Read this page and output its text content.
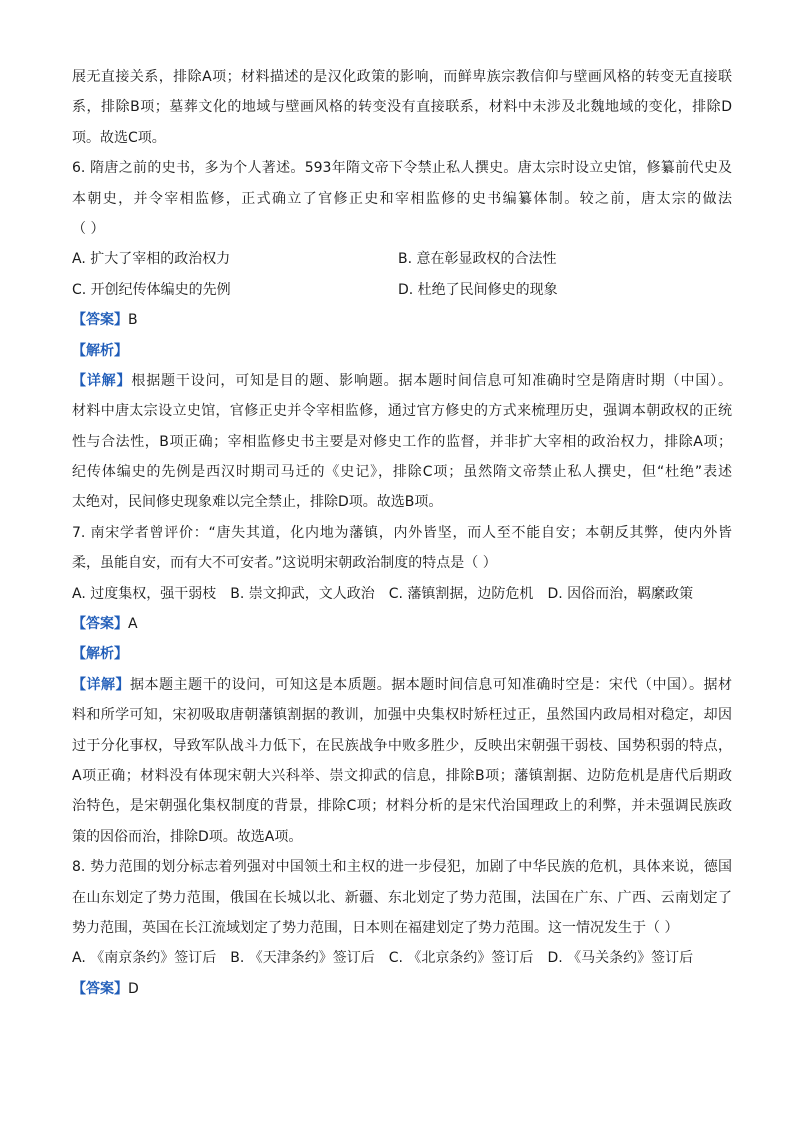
展无直接关系，排除A项；材料描述的是汉化政策的影响，而鲜卑族宗教信仰与壁画风格的转变无直接联
系，排除B项；墓葬文化的地域与壁画风格的转变没有直接联系，材料中未涉及北魏地域的变化，排除D
项。故选C项。
6. 隋唐之前的史书，多为个人著述。593年隋文帝下令禁止私人撰史。唐太宗时设立史馆，修纂前代史及
本朝史，并令宰相监修，正式确立了官修正史和宰相监修的史书编纂体制。较之前，唐太宗的做法
（ ）
A. 扩大了宰相的政治权力	B. 意在彰显政权的合法性
C. 开创纪传体编史的先例	D. 杜绝了民间修史的现象
【答案】B
【解析】
【详解】根据题干设问，可知是目的题、影响题。据本题时间信息可知准确时空是隋唐时期（中国）。
材料中唐太宗设立史馆，官修正史并令宰相监修，通过官方修史的方式来梳理历史，强调本朝政权的正统
性与合法性，B项正确；宰相监修史书主要是对修史工作的监督，并非扩大宰相的政治权力，排除A项；
纪传体编史的先例是西汉时期司马迁的《史记》，排除C项；虽然隋文帝禁止私人撰史，但“杜绝”表述
太绝对，民间修史现象难以完全禁止，排除D项。故选B项。
7. 南宋学者曾评价：“唐失其道，化内地为藩镇，内外皆坚，而人至不能自安；本朝反其弊，使内外皆
柔，虽能自安，而有大不可安者。”这说明宋朝政治制度的特点是（ ）
A. 过度集权，强干弱枝 B. 崇文抑武，文人政治 C. 藩镇割据，边防危机 D. 因俗而治，羁縻政策
【答案】A
【解析】
【详解】据本题主题干的设问，可知这是本质题。据本题时间信息可知准确时空是：宋代（中国）。据材
料和所学可知，宋初吸取唐朝藩镇割据的教训，加强中央集权时矫枉过正，虽然国内政局相对稳定，却因
过于分化事权，导致军队战斗力低下，在民族战争中败多胜少，反映出宋朝强干弱枝、国势积弱的特点，
A项正确；材料没有体现宋朝大兴科举、崇文抑武的信息，排除B项；藩镇割据、边防危机是唐代后期政
治特色，是宋朝强化集权制度的背景，排除C项；材料分析的是宋代治国理政上的利弊，并未强调民族政
策的因俗而治，排除D项。故选A项。
8. 势力范围的划分标志着列强对中国领土和主权的进一步侵犯，加剧了中华民族的危机，具体来说，德国
在山东划定了势力范围，俄国在长城以北、新疆、东北划定了势力范围，法国在广东、广西、云南划定了
势力范围，英国在长江流域划定了势力范围，日本则在福建划定了势力范围。这一情况发生于（ ）
A. 《南京条约》签订后 B. 《天津条约》签订后 C. 《北京条约》签订后 D. 《马关条约》签订后
【答案】D
